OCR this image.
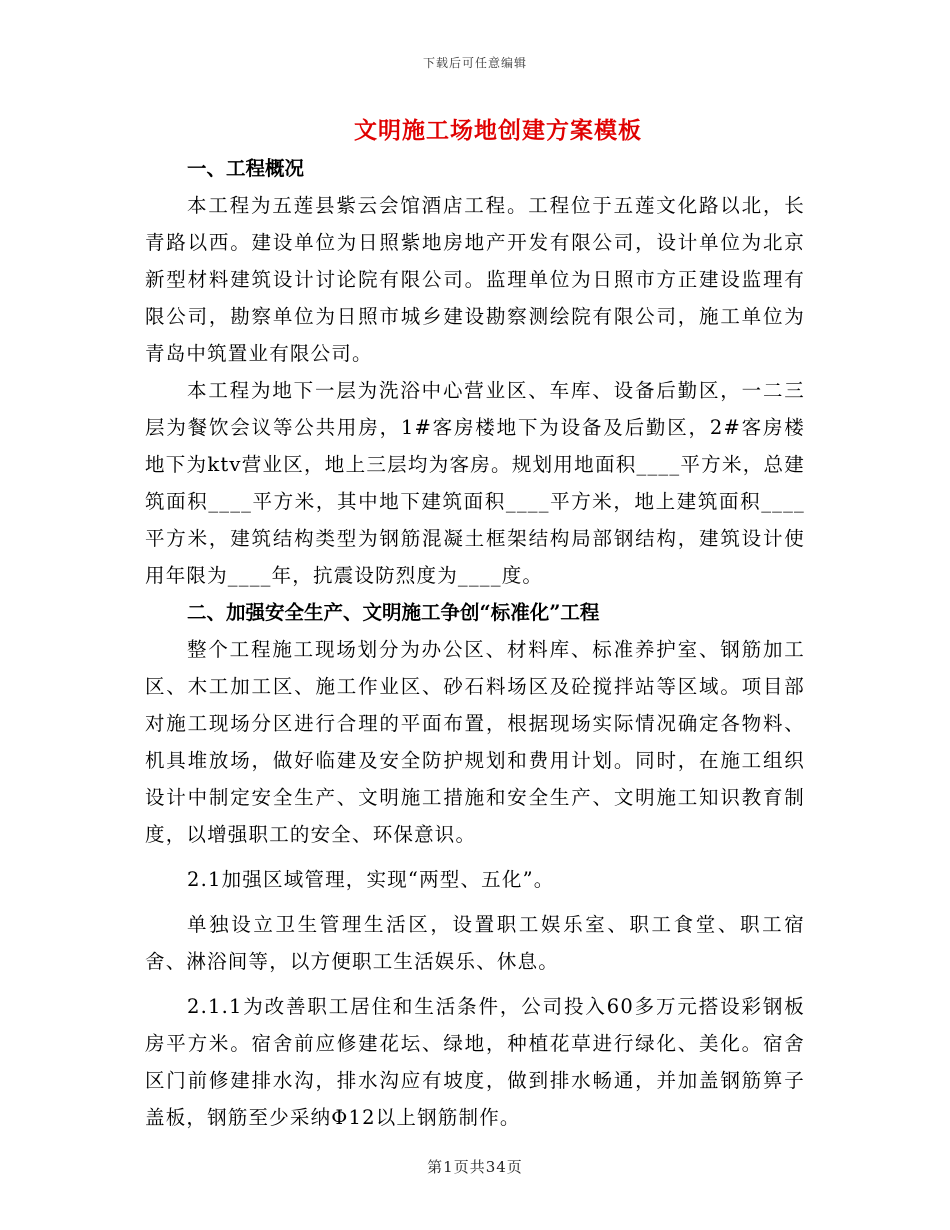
下载后可任意编辑
文明施工场地创建方案模板

一、工程概况

本工程为五莲县紫云会馆酒店工程。工程位于五莲文化路以北，长青路以西。建设单位为日照紫地房地产开发有限公司，设计单位为北京新型材料建筑设计讨论院有限公司。监理单位为日照市方正建设监理有限公司，勘察单位为日照市城乡建设勘察测绘院有限公司，施工单位为青岛中筑置业有限公司。

本工程为地下一层为洗浴中心营业区、车库、设备后勤区，一二三层为餐饮会议等公共用房，1#客房楼地下为设备及后勤区，2#客房楼地下为ktv营业区，地上三层均为客房。规划用地面积____平方米，总建筑面积____平方米，其中地下建筑面积____平方米，地上建筑面积____平方米，建筑结构类型为钢筋混凝土框架结构局部钢结构，建筑设计使用年限为____年，抗震设防烈度为____度。

二、加强安全生产、文明施工争创“标准化”工程

整个工程施工现场划分为办公区、材料库、标准养护室、钢筋加工区、木工加工区、施工作业区、砂石料场区及砼搅拌站等区域。项目部对施工现场分区进行合理的平面布置，根据现场实际情况确定各物料、机具堆放场，做好临建及安全防护规划和费用计划。同时，在施工组织设计中制定安全生产、文明施工措施和安全生产、文明施工知识教育制度，以增强职工的安全、环保意识。

2.1加强区域管理，实现“两型、五化”。

单独设立卫生管理生活区，设置职工娱乐室、职工食堂、职工宿舍、淋浴间等，以方便职工生活娱乐、休息。

2.1.1为改善职工居住和生活条件，公司投入60多万元搭设彩钢板房平方米。宿舍前应修建花坛、绿地，种植花草进行绿化、美化。宿舍区门前修建排水沟，排水沟应有坡度，做到排水畅通，并加盖钢筋箅子盖板，钢筋至少采纳Φ12以上钢筋制作。

第1页共34页
